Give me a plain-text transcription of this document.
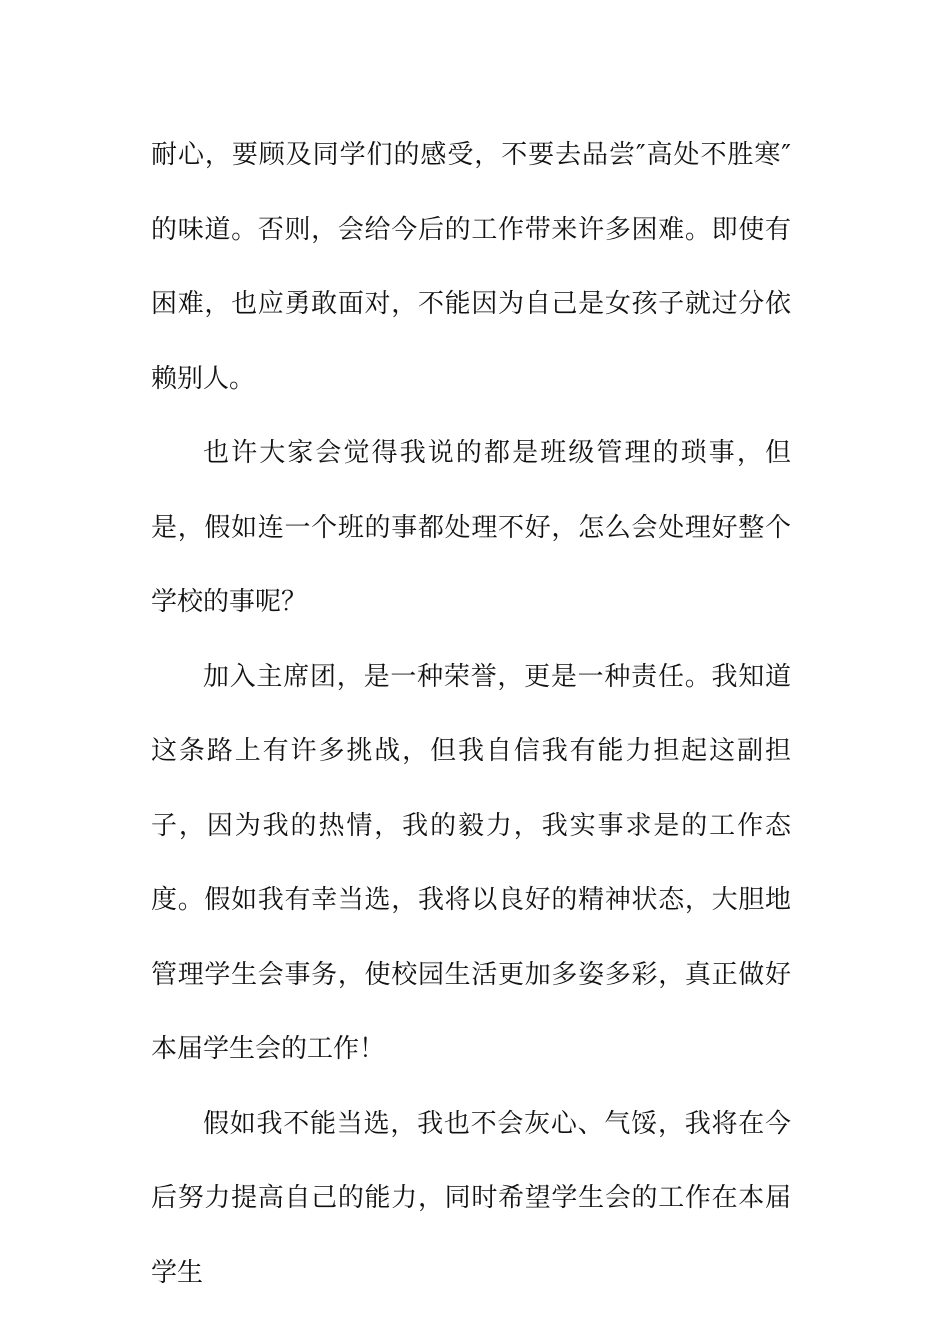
耐心，要顾及同学们的感受，不要去品尝″高处不胜寒″的味道。否则，会给今后的工作带来许多困难。即使有困难，也应勇敢面对，不能因为自己是女孩子就过分依赖别人。

也许大家会觉得我说的都是班级管理的琐事，但是，假如连一个班的事都处理不好，怎么会处理好整个学校的事呢？

加入主席团，是一种荣誉，更是一种责任。我知道这条路上有许多挑战，但我自信我有能力担起这副担子，因为我的热情，我的毅力，我实事求是的工作态度。假如我有幸当选，我将以良好的精神状态，大胆地管理学生会事务，使校园生活更加多姿多彩，真正做好本届学生会的工作！

假如我不能当选，我也不会灰心、气馁，我将在今后努力提高自己的能力，同时希望学生会的工作在本届学生
